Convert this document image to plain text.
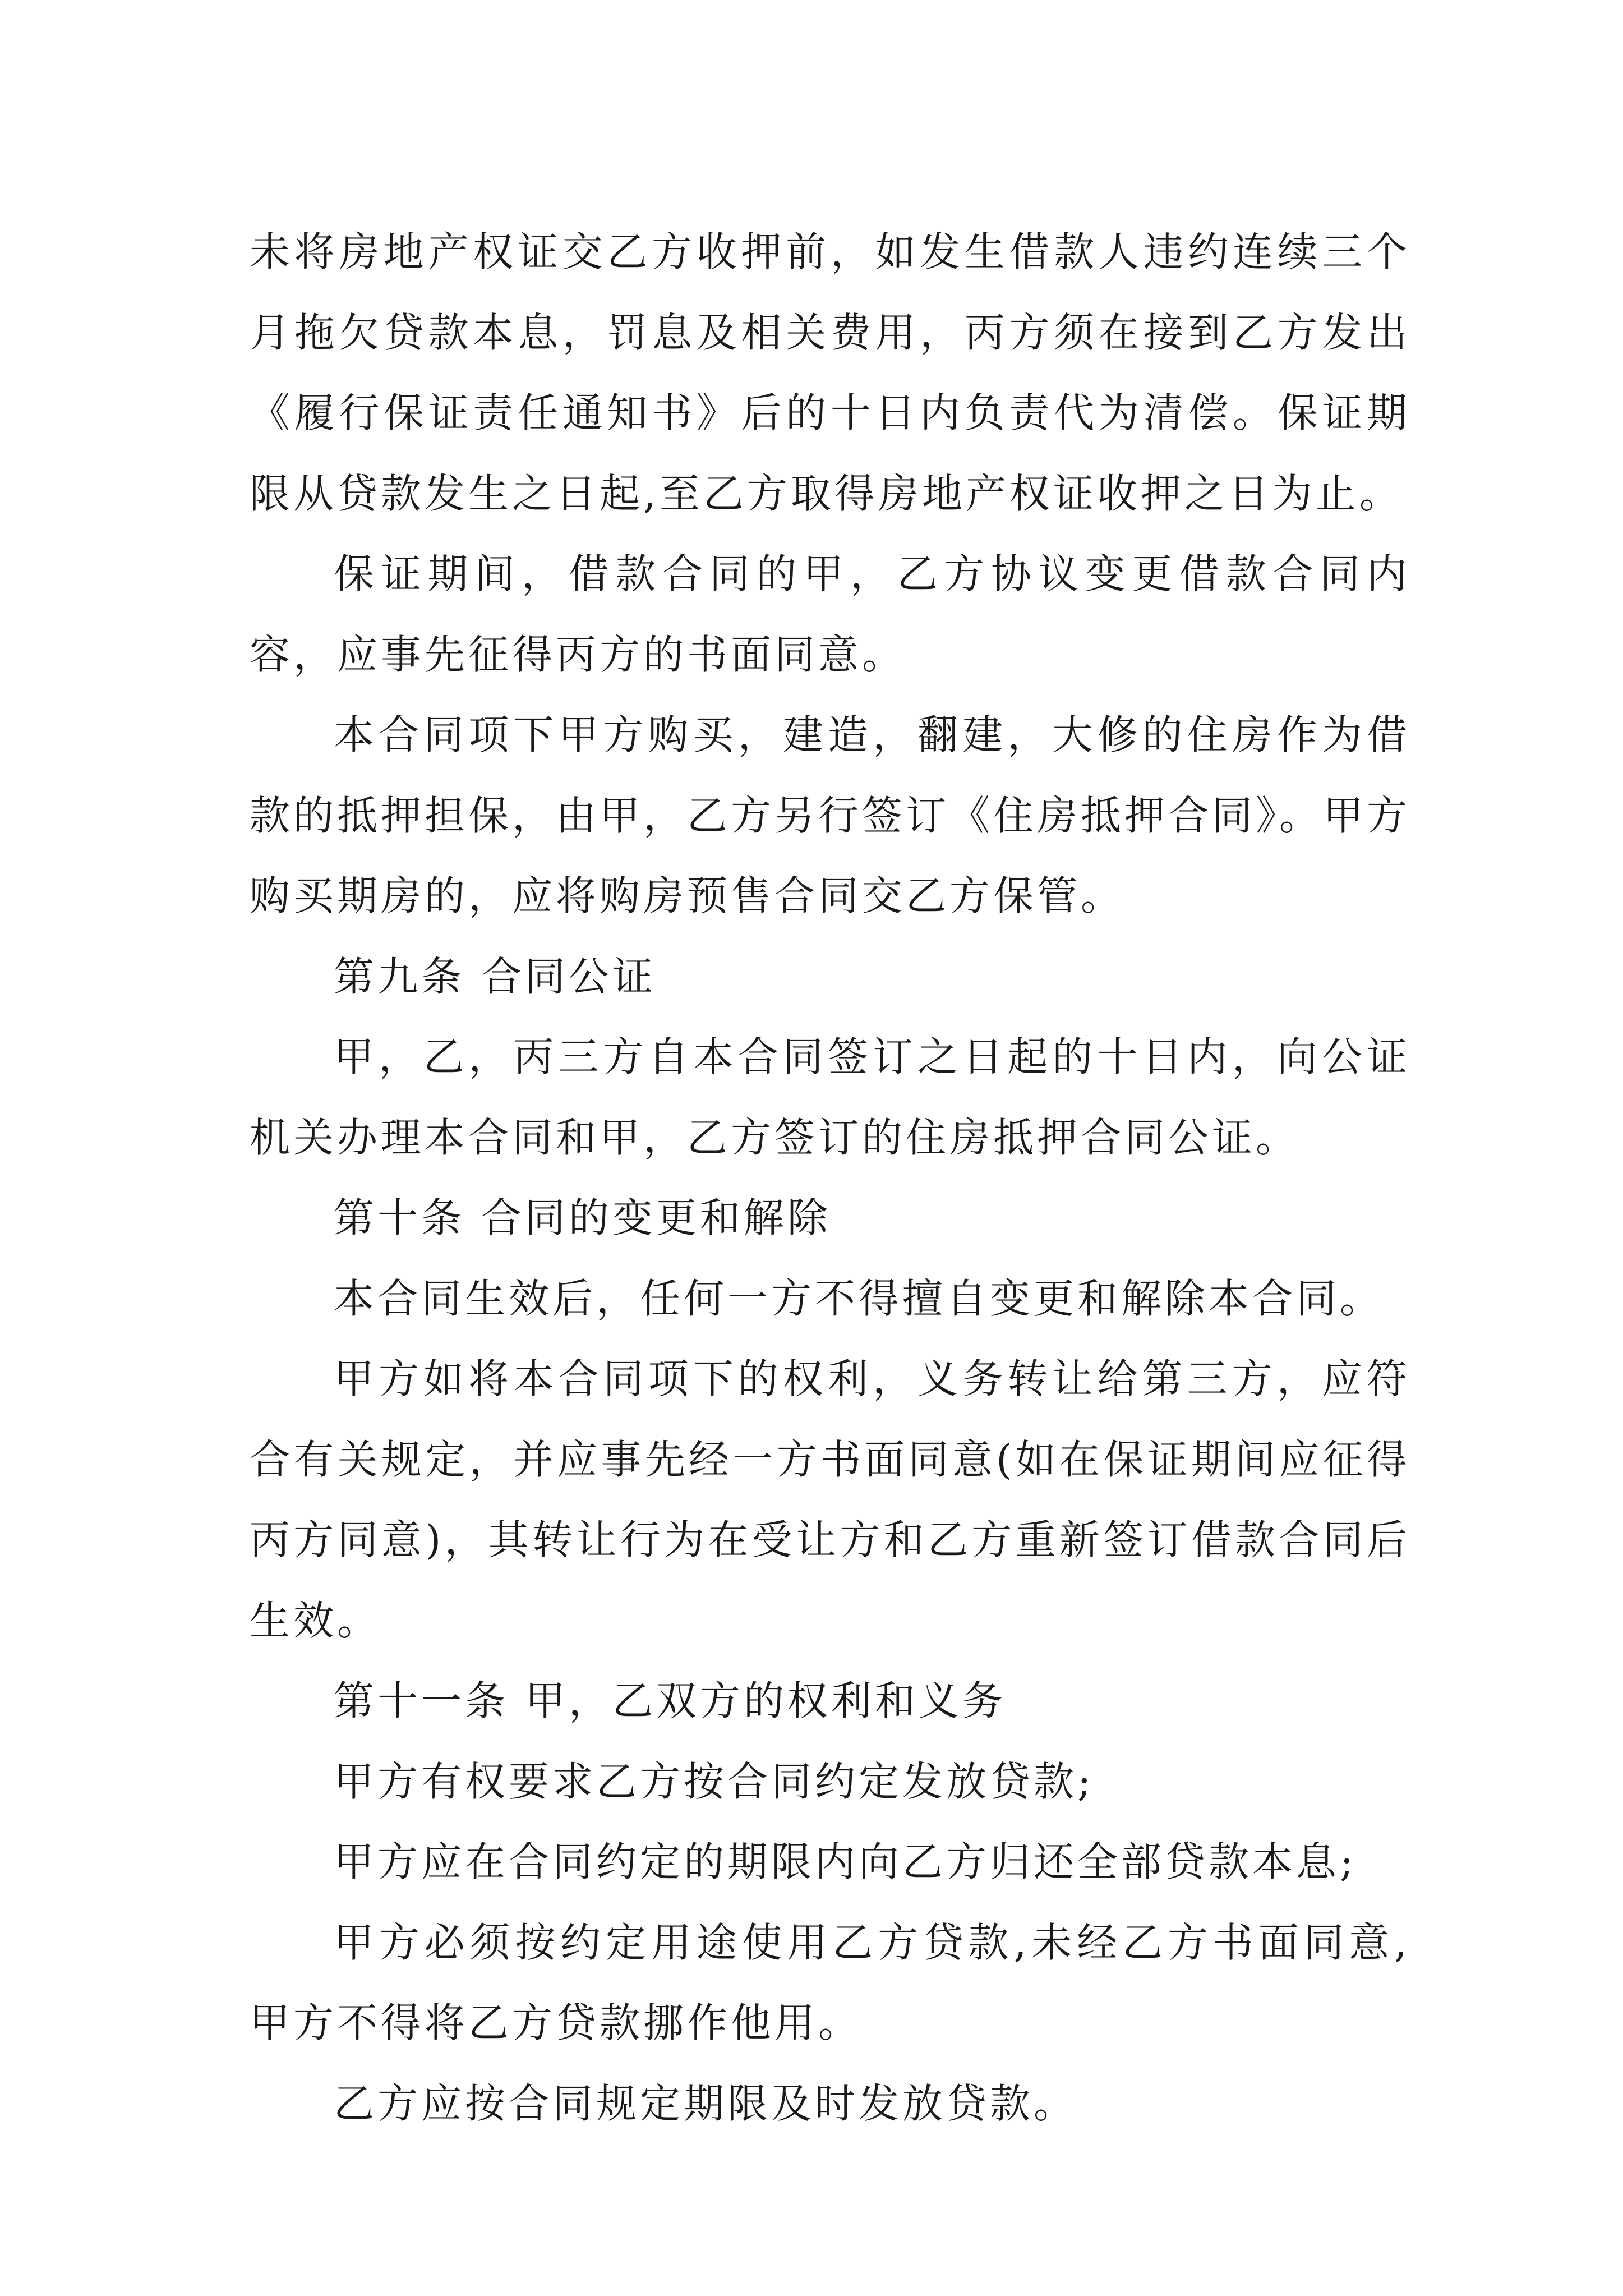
未将房地产权证交乙方收押前，如发生借款人违约连续三个月拖欠贷款本息，罚息及相关费用，丙方须在接到乙方发出《履行保证责任通知书》后的十日内负责代为清偿。保证期限从贷款发生之日起,至乙方取得房地产权证收押之日为止。

保证期间，借款合同的甲，乙方协议变更借款合同内容，应事先征得丙方的书面同意。

本合同项下甲方购买，建造，翻建，大修的住房作为借款的抵押担保，由甲，乙方另行签订《住房抵押合同》。甲方购买期房的，应将购房预售合同交乙方保管。

第九条 合同公证

甲，乙，丙三方自本合同签订之日起的十日内，向公证机关办理本合同和甲，乙方签订的住房抵押合同公证。

第十条 合同的变更和解除

本合同生效后，任何一方不得擅自变更和解除本合同。

甲方如将本合同项下的权利，义务转让给第三方，应符合有关规定，并应事先经一方书面同意(如在保证期间应征得丙方同意)，其转让行为在受让方和乙方重新签订借款合同后生效。

第十一条 甲，乙双方的权利和义务

甲方有权要求乙方按合同约定发放贷款;

甲方应在合同约定的期限内向乙方归还全部贷款本息;

甲方必须按约定用途使用乙方贷款,未经乙方书面同意,甲方不得将乙方贷款挪作他用。

乙方应按合同规定期限及时发放贷款。
